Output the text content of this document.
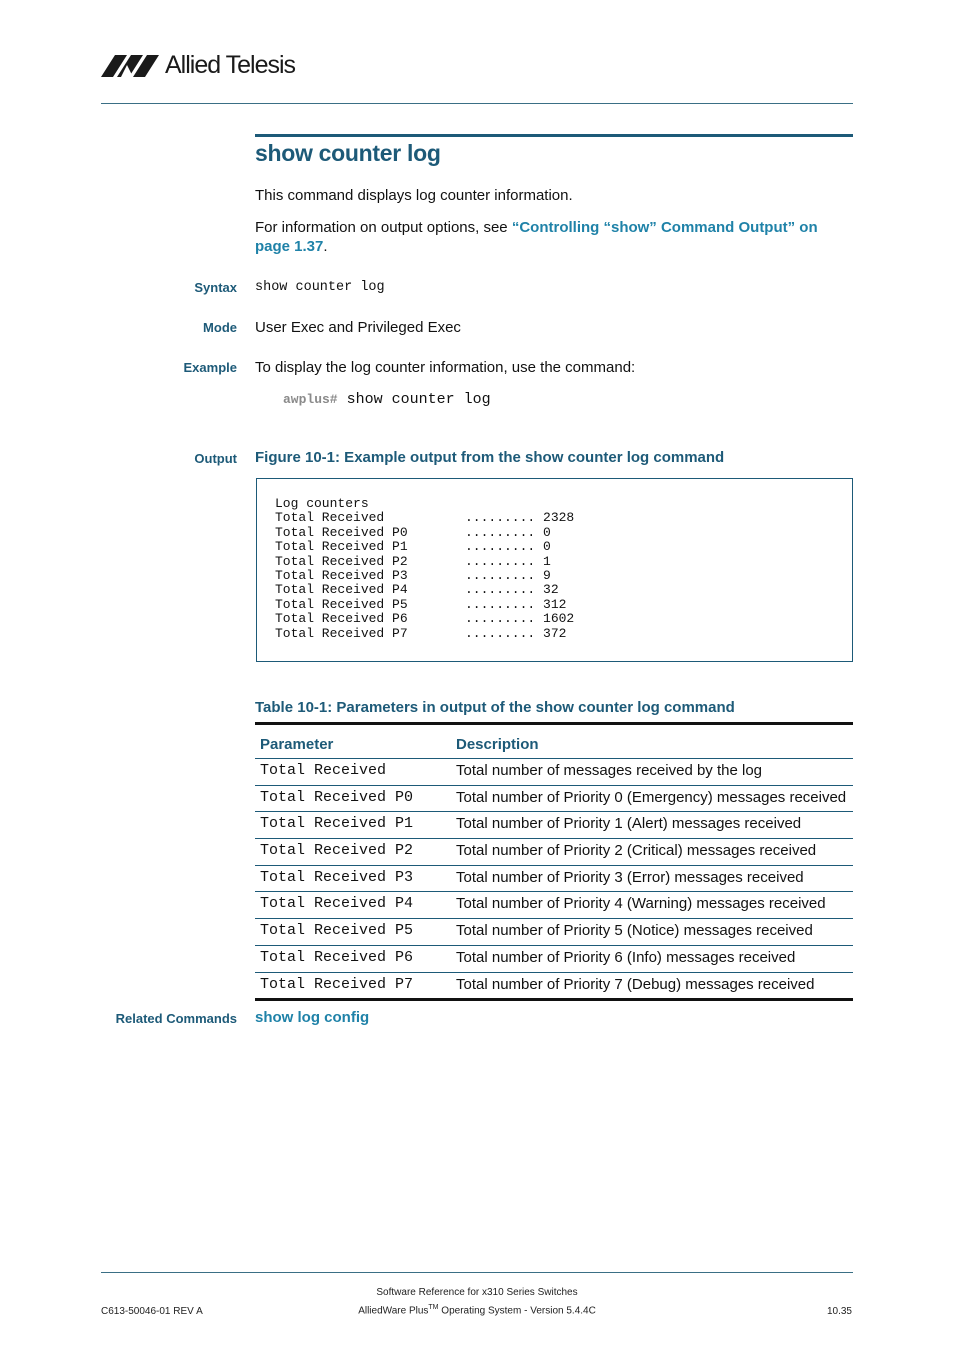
Allied Telesis
show counter log
This command displays log counter information.
For information on output options, see “Controlling “show” Command Output” on page 1.37.
Syntax show counter log
Mode User Exec and Privileged Exec
Example To display the log counter information, use the command:
awplus# show counter log
Output Figure 10-1: Example output from the show counter log command
Log counters
Total Received	......... 2328
Total Received P0	......... 0
Total Received P1	......... 0
Total Received P2	......... 1
Total Received P3	......... 9
Total Received P4	......... 32
Total Received P5	......... 312
Total Received P6	......... 1602
Total Received P7	......... 372
Table 10-1: Parameters in output of the show counter log command
Parameter	Description
Total Received	Total number of messages received by the log
Total Received P0	Total number of Priority 0 (Emergency) messages received
Total Received P1	Total number of Priority 1 (Alert) messages received
Total Received P2	Total number of Priority 2 (Critical) messages received
Total Received P3	Total number of Priority 3 (Error) messages received
Total Received P4	Total number of Priority 4 (Warning) messages received
Total Received P5	Total number of Priority 5 (Notice) messages received
Total Received P6	Total number of Priority 6 (Info) messages received
Total Received P7	Total number of Priority 7 (Debug) messages received
Related Commands show log config
C613-50046-01 REV A
Software Reference for x310 Series Switches
AlliedWare Plus™ Operating System - Version 5.4.4C	10.35
